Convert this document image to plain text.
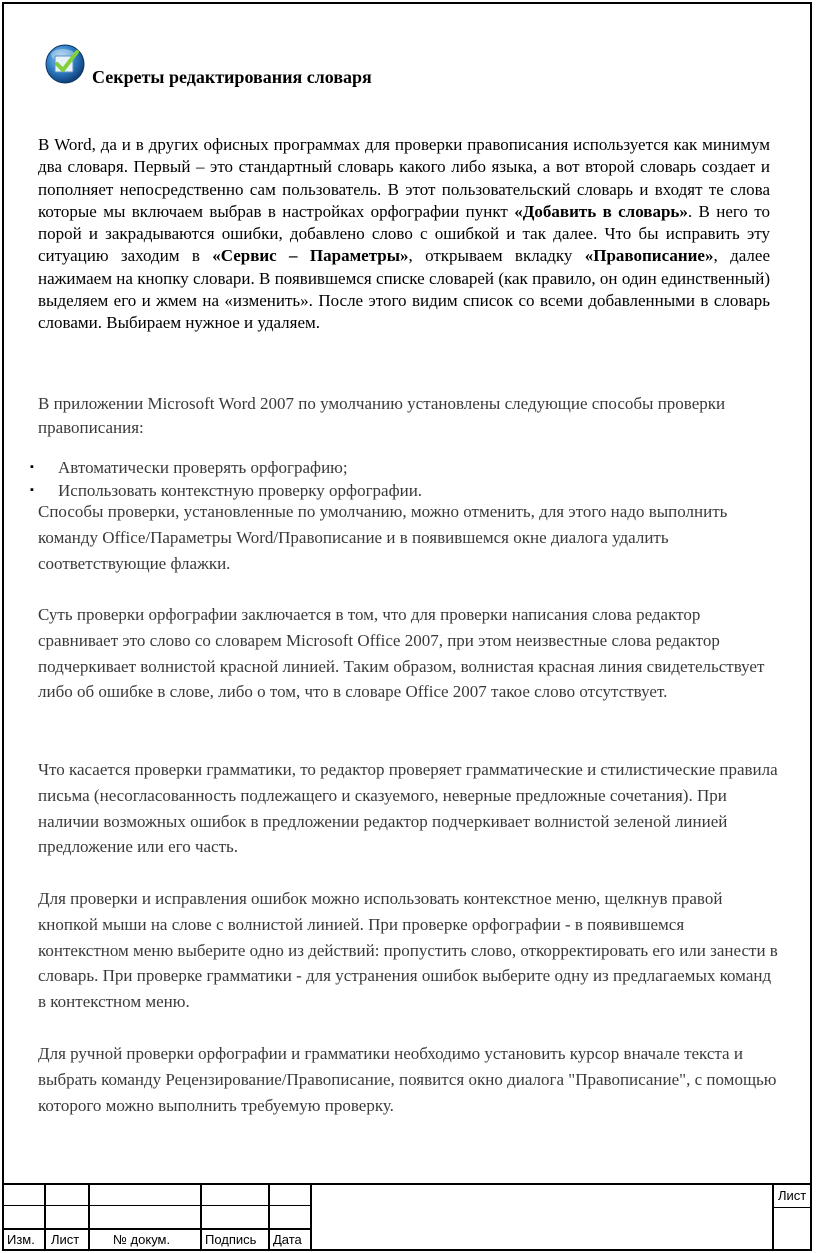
Секреты редактирования словаря

В Word, да и в других офисных программах для проверки правописания используется как минимум два словаря. Первый – это стандартный словарь какого либо языка, а вот второй словарь создает и пополняет непосредственно сам пользователь. В этот пользовательский словарь и входят те слова которые мы включаем выбрав в настройках орфографии пункт «Добавить в словарь». В него то порой и закрадываются ошибки, добавлено слово с ошибкой и так далее. Что бы исправить эту ситуацию заходим в «Сервис – Параметры», открываем вкладку «Правописание», далее нажимаем на кнопку словари. В появившемся списке словарей (как правило, он один единственный) выделяем его и жмем на «изменить». После этого видим список со всеми добавленными в словарь словами. Выбираем нужное и удаляем.

В приложении Microsoft Word 2007 по умолчанию установлены следующие способы проверки правописания:

▪ Автоматически проверять орфографию;
▪ Использовать контекстную проверку орфографии.

Способы проверки, установленные по умолчанию, можно отменить, для этого надо выполнить команду Office/Параметры Word/Правописание и в появившемся окне диалога удалить соответствующие флажки.

Суть проверки орфографии заключается в том, что для проверки написания слова редактор сравнивает это слово со словарем Microsoft Office 2007, при этом неизвестные слова редактор подчеркивает волнистой красной линией. Таким образом, волнистая красная линия свидетельствует либо об ошибке в слове, либо о том, что в словаре Office 2007 такое слово отсутствует.

Что касается проверки грамматики, то редактор проверяет грамматические и стилистические правила письма (несогласованность подлежащего и сказуемого, неверные предложные сочетания). При наличии возможных ошибок в предложении редактор подчеркивает волнистой зеленой линией предложение или его часть.

Для проверки и исправления ошибок можно использовать контекстное меню, щелкнув правой кнопкой мыши на слове с волнистой линией. При проверке орфографии - в появившемся контекстном меню выберите одно из действий: пропустить слово, откорректировать его или занести в словарь. При проверке грамматики - для устранения ошибок выберите одну из предлагаемых команд в контекстном меню.

Для ручной проверки орфографии и грамматики необходимо установить курсор вначале текста и выбрать команду Рецензирование/Правописание, появится окно диалога "Правописание", с помощью которого можно выполнить требуемую проверку.

Изм. Лист	№ докум.	Подпись Дата
Лист
